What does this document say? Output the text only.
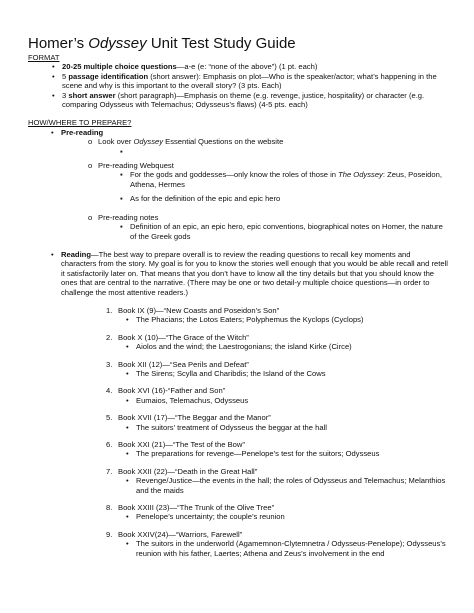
Homer’s Odyssey Unit Test Study Guide
FORMAT
• 20-25 multiple choice questions—a-e (e: “none of the above”) (1 pt. each)
• 5 passage identification (short answer): Emphasis on plot—Who is the speaker/actor; what’s happening in the scene and why is this important to the overall story? (3 pts. Each)
• 3 short answer (short paragraph)—Emphasis on theme (e.g. revenge, justice, hospitality) or character (e.g. comparing Odysseus with Telemachus; Odysseus’s flaws) (4-5 pts. each)
HOW/WHERE TO PREPARE?
• Pre-reading
o Look over Odyssey Essential Questions on the website
▪
o Pre-reading Webquest
▪ For the gods and goddesses—only know the roles of those in The Odyssey: Zeus, Poseidon, Athena, Hermes
▪ As for the definition of the epic and epic hero
o Pre-reading notes
▪ Definition of an epic, an epic hero, epic conventions, biographical notes on Homer, the nature of the Greek gods
• Reading—The best way to prepare overall is to review the reading questions to recall key moments and characters from the story. My goal is for you to know the stories well enough that you would be able recall and retell it satisfactorily later on. That means that you don’t have to know all the tiny details but that you should know the ones that are central to the narrative. (There may be one or two detail-y multiple choice questions—in order to challenge the most attentive readers.)
1. Book IX (9)—“New Coasts and Poseidon’s Son”
• The Phacians; the Lotos Eaters; Polyphemus the Kyclops (Cyclops)
2. Book X (10)—“The Grace of the Witch”
• Aiolos and the wind; the Laestrogonians; the island Kirke (Circe)
3. Book XII (12)—“Sea Perils and Defeat”
• The Sirens; Scylla and Charibdis; the Island of the Cows
4. Book XVI (16)-“Father and Son”
• Eumaios, Telemachus, Odysseus
5. Book XVII (17)—“The Beggar and the Manor”
• The suitors’ treatment of Odysseus the beggar at the hall
6. Book XXI (21)—“The Test of the Bow”
• The preparations for revenge—Penelope’s test for the suitors; Odysseus
7. Book XXII (22)—“Death in the Great Hall”
• Revenge/Justice—the events in the hall; the roles of Odysseus and Telemachus; Melanthios and the maids
8. Book XXIII (23)—“The Trunk of the Olive Tree”
• Penelope’s uncertainty; the couple’s reunion
9. Book XXIV(24)—“Warriors, Farewell”
• The suitors in the underworld (Agamemnon-Clytemnetra / Odysseus-Penelope); Odysseus’s reunion with his father, Laertes; Athena and Zeus’s involvement in the end
